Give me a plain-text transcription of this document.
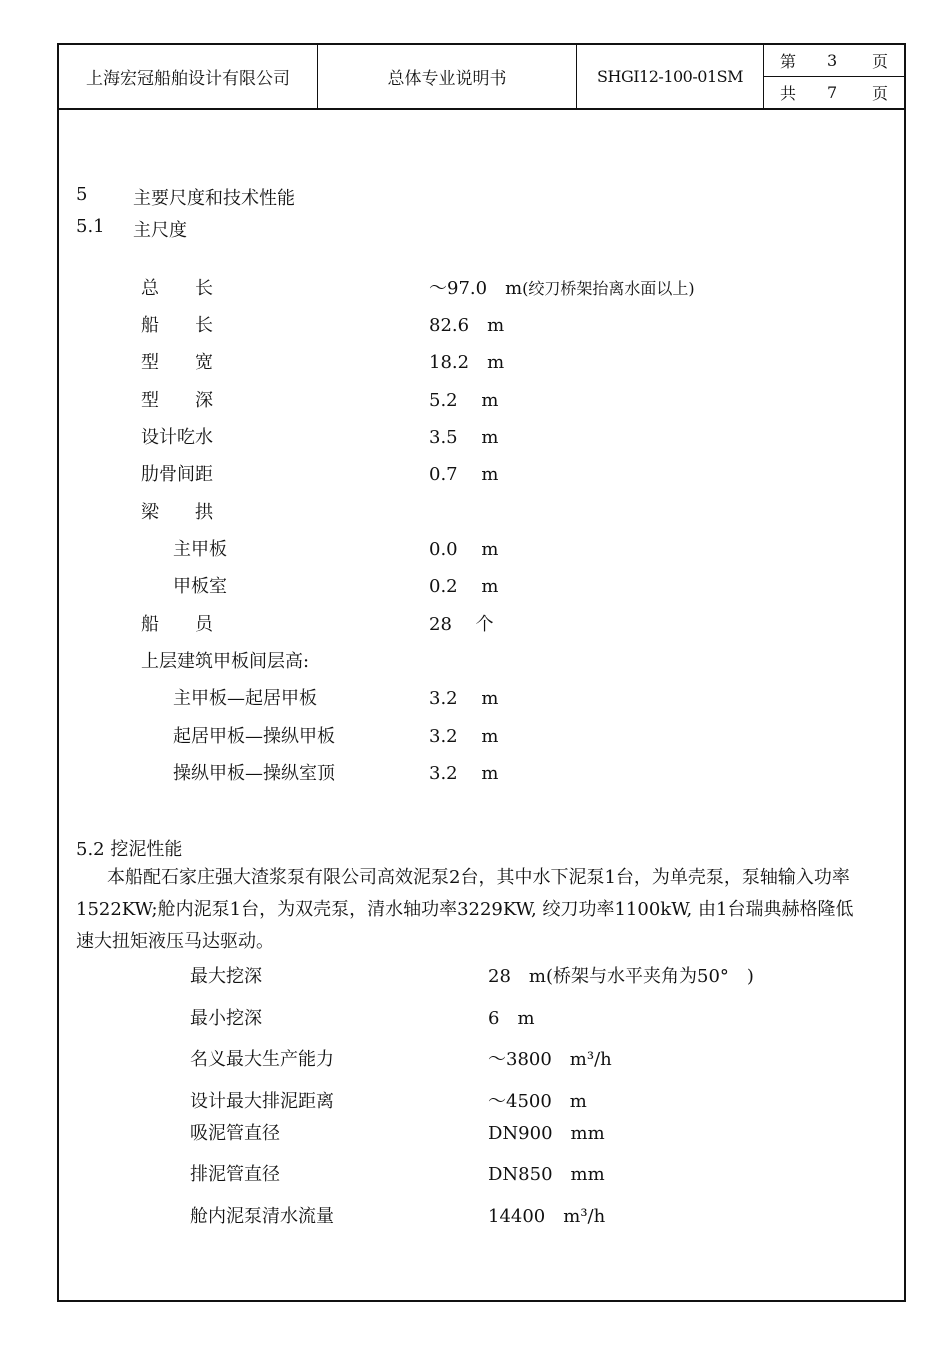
上海宏冠船舶设计有限公司	总体专业说明书	SHGI12-100-01SM
第 3 页
共 7 页
5	主要尺度和技术性能
5.1 主尺度
总　　长	～97.0　m(绞刀桥架抬离水面以上)
船　　长	82.6　m
型　　宽	18.2　m
型　　深	5.2　 m
设计吃水	3.5　 m
肋骨间距	0.7　 m
梁　　拱
主甲板	0.0　 m
甲板室	0.2　 m
船　　员	28　 个
上层建筑甲板间层高:
主甲板—起居甲板	3.2　 m
起居甲板—操纵甲板	3.2　 m
操纵甲板—操纵室顶	3.2　 m
5.2 挖泥性能
本船配石家庄强大渣浆泵有限公司高效泥泵2台，其中水下泥泵1台，为单壳泵，泵轴输入功率1522KW;舱内泥泵1台，为双壳泵，清水轴功率3229KW, 绞刀功率1100kW, 由1台瑞典赫格隆低速大扭矩液压马达驱动。
最大挖深	28　m(桥架与水平夹角为50°　)
最小挖深	6　m
名义最大生产能力	～3800　m³/h
设计最大排泥距离	～4500　m
吸泥管直径	DN900　mm
排泥管直径	DN850　mm
舱内泥泵清水流量	14400　m³/h
